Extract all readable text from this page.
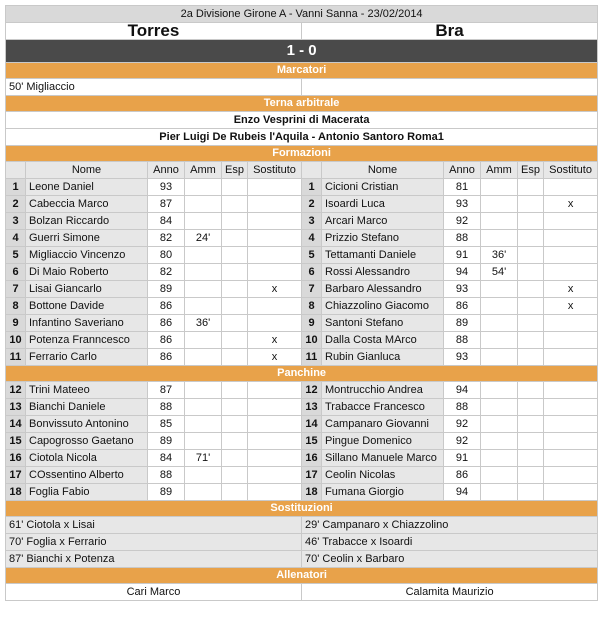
2a Divisione Girone A - Vanni Sanna - 23/02/2014											
Torres						Bra					
1 - 0											
Marcatori											
50' Migliaccio											
Terna arbitrale											
Enzo Vesprini di Macerata											
Pier Luigi De Rubeis l'Aquila - Antonio Santoro Roma1											
Formazioni											
	Nome	Anno	Amm	Esp	Sostituto		Nome	Anno	Amm	Esp	Sostituto
1	Leone Daniel	93				1	Cicioni Cristian	81			
2	Cabeccia Marco	87				2	Isoardi Luca	93			x
3	Bolzan Riccardo	84				3	Arcari Marco	92			
4	Guerri Simone	82	24'			4	Prizzio Stefano	88			
5	Migliaccio Vincenzo	80				5	Tettamanti Daniele	91	36'		
6	Di Maio Roberto	82				6	Rossi Alessandro	94	54'		
7	Lisai Giancarlo	89			x	7	Barbaro Alessandro	93			x
8	Bottone Davide	86				8	Chiazzolino Giacomo	86			x
9	Infantino Saveriano	86	36'			9	Santoni Stefano	89			
10	Potenza Franncesco	86			x	10	Dalla Costa MArco	88			
11	Ferrario Carlo	86			x	11	Rubin Gianluca	93			
Panchine											
12	Trini Mateeo	87				12	Montrucchio Andrea	94			
13	Bianchi Daniele	88				13	Trabacce Francesco	88			
14	Bonvissuto Antonino	85				14	Campanaro Giovanni	92			
15	Capogrosso Gaetano	89				15	Pingue Domenico	92			
16	Ciotola Nicola	84	71'			16	Sillano Manuele Marco	91			
17	COssentino Alberto	88				17	Ceolin Nicolas	86			
18	Foglia Fabio	89				18	Fumana Giorgio	94			
Sostituzioni											
61' Ciotola x Lisai						29' Campanaro x Chiazzolino					
70' Foglia x Ferrario						46' Trabacce x Isoardi					
87' Bianchi x Potenza						70' Ceolin x Barbaro					
Allenatori											
Cari Marco						Calamita Maurizio					
